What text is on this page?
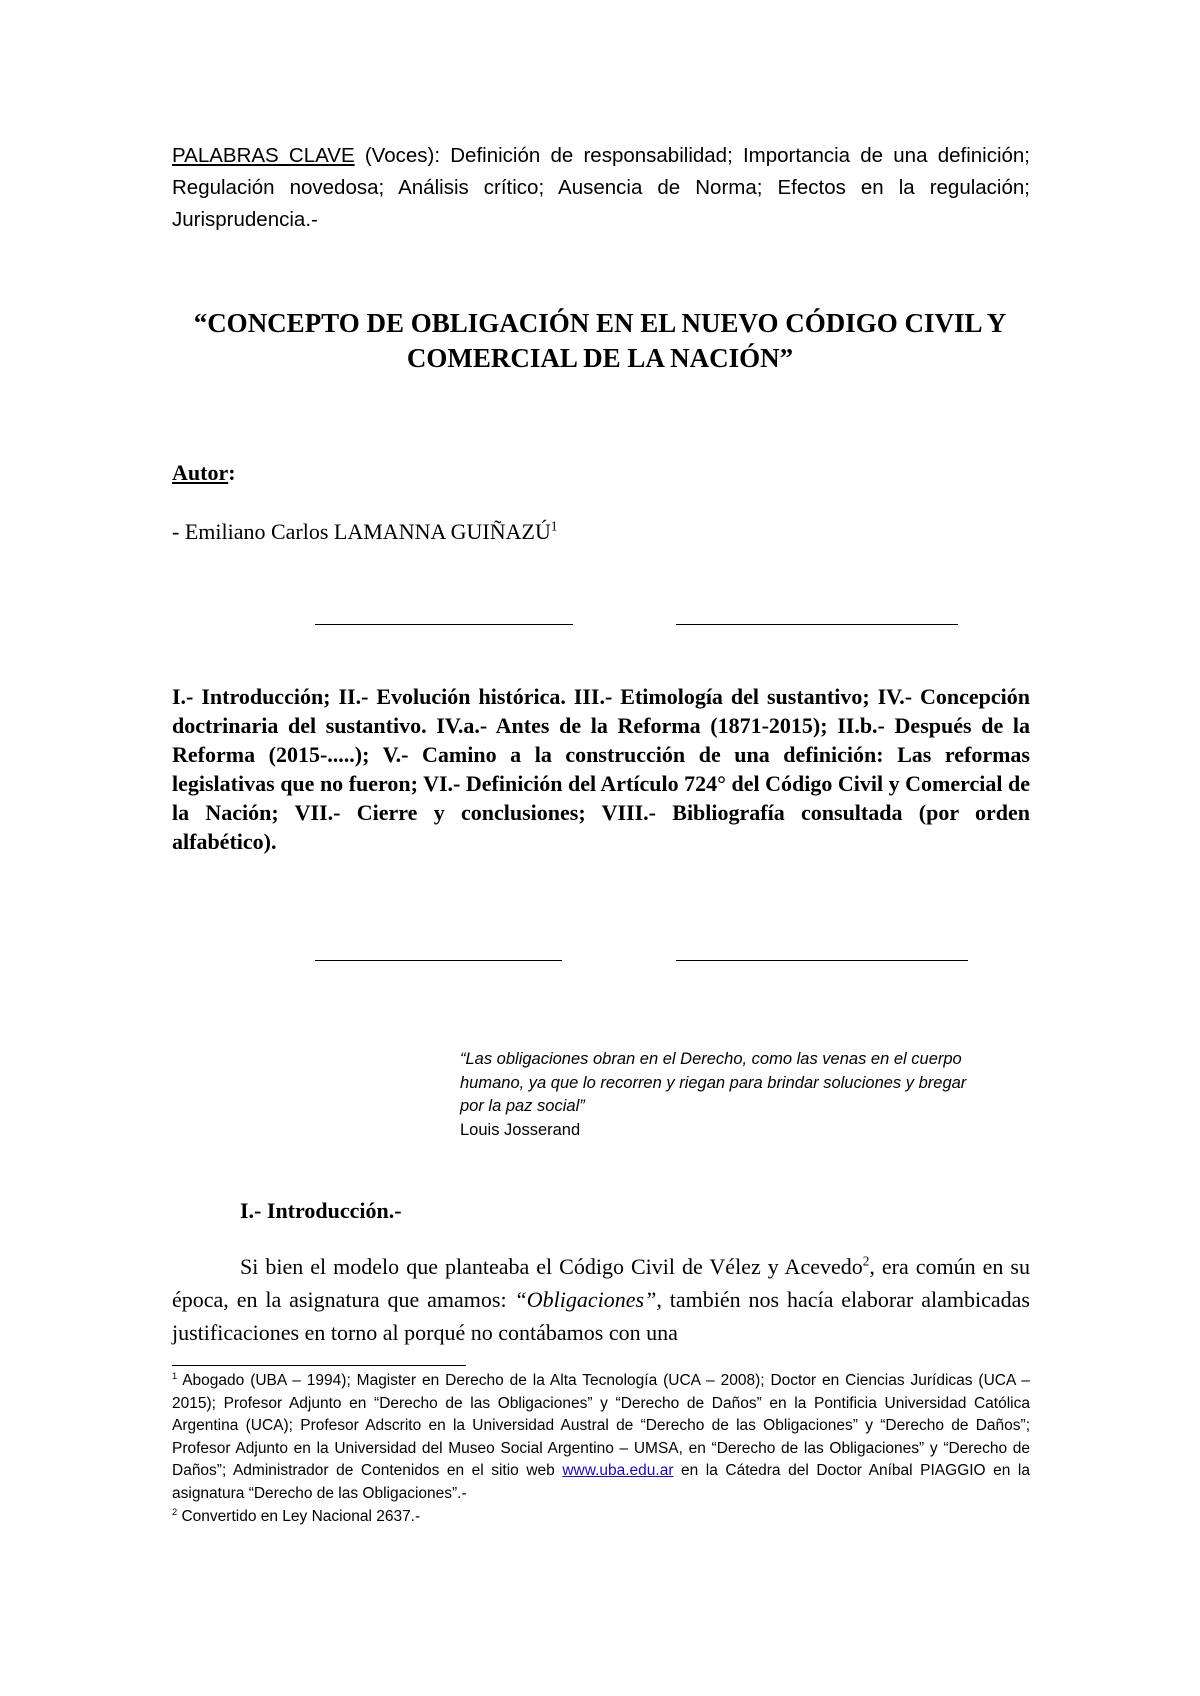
PALABRAS CLAVE (Voces): Definición de responsabilidad; Importancia de una definición; Regulación novedosa; Análisis crítico; Ausencia de Norma; Efectos en la regulación; Jurisprudencia.-
“CONCEPTO DE OBLIGACIÓN EN EL NUEVO CÓDIGO CIVIL Y
COMERCIAL DE LA NACIÓN”
Autor:
- Emiliano Carlos LAMANNA GUIÑAZÚ$^1$
I.- Introducción; II.- Evolución histórica. III.- Etimología del sustantivo; IV.- Concepción doctrinaria del sustantivo. IV.a.- Antes de la Reforma (1871-2015); II.b.- Después de la Reforma (2015-.....); V.- Camino a la construcción de una definición: Las reformas legislativas que no fueron; VI.- Definición del Artículo 724° del Código Civil y Comercial de la Nación; VII.- Cierre y conclusiones; VIII.- Bibliografía consultada (por orden alfabético).
“Las obligaciones obran en el Derecho, como las venas en el cuerpo humano, ya que lo recorren y riegan para brindar soluciones y bregar por la paz social”
Louis Josserand
I.- Introducción.-
Si bien el modelo que planteaba el Código Civil de Vélez y Acevedo$^2$, era común en su época, en la asignatura que amamos: “Obligaciones”, también nos hacía elaborar alambicadas justificaciones en torno al porqué no contábamos con una

$^1$ Abogado (UBA – 1994); Magister en Derecho de la Alta Tecnología (UCA – 2008); Doctor en Ciencias Jurídicas (UCA – 2015); Profesor Adjunto en “Derecho de las Obligaciones” y “Derecho de Daños” en la Pontificia Universidad Católica Argentina (UCA); Profesor Adscrito en la Universidad Austral de “Derecho de las Obligaciones” y “Derecho de Daños”; Profesor Adjunto en la Universidad del Museo Social Argentino – UMSA, en “Derecho de las Obligaciones” y “Derecho de Daños”; Administrador de Contenidos en el sitio web www.uba.edu.ar en la Cátedra del Doctor Aníbal PIAGGIO en la asignatura “Derecho de las Obligaciones”.-

$^2$ Convertido en Ley Nacional 2637.-
